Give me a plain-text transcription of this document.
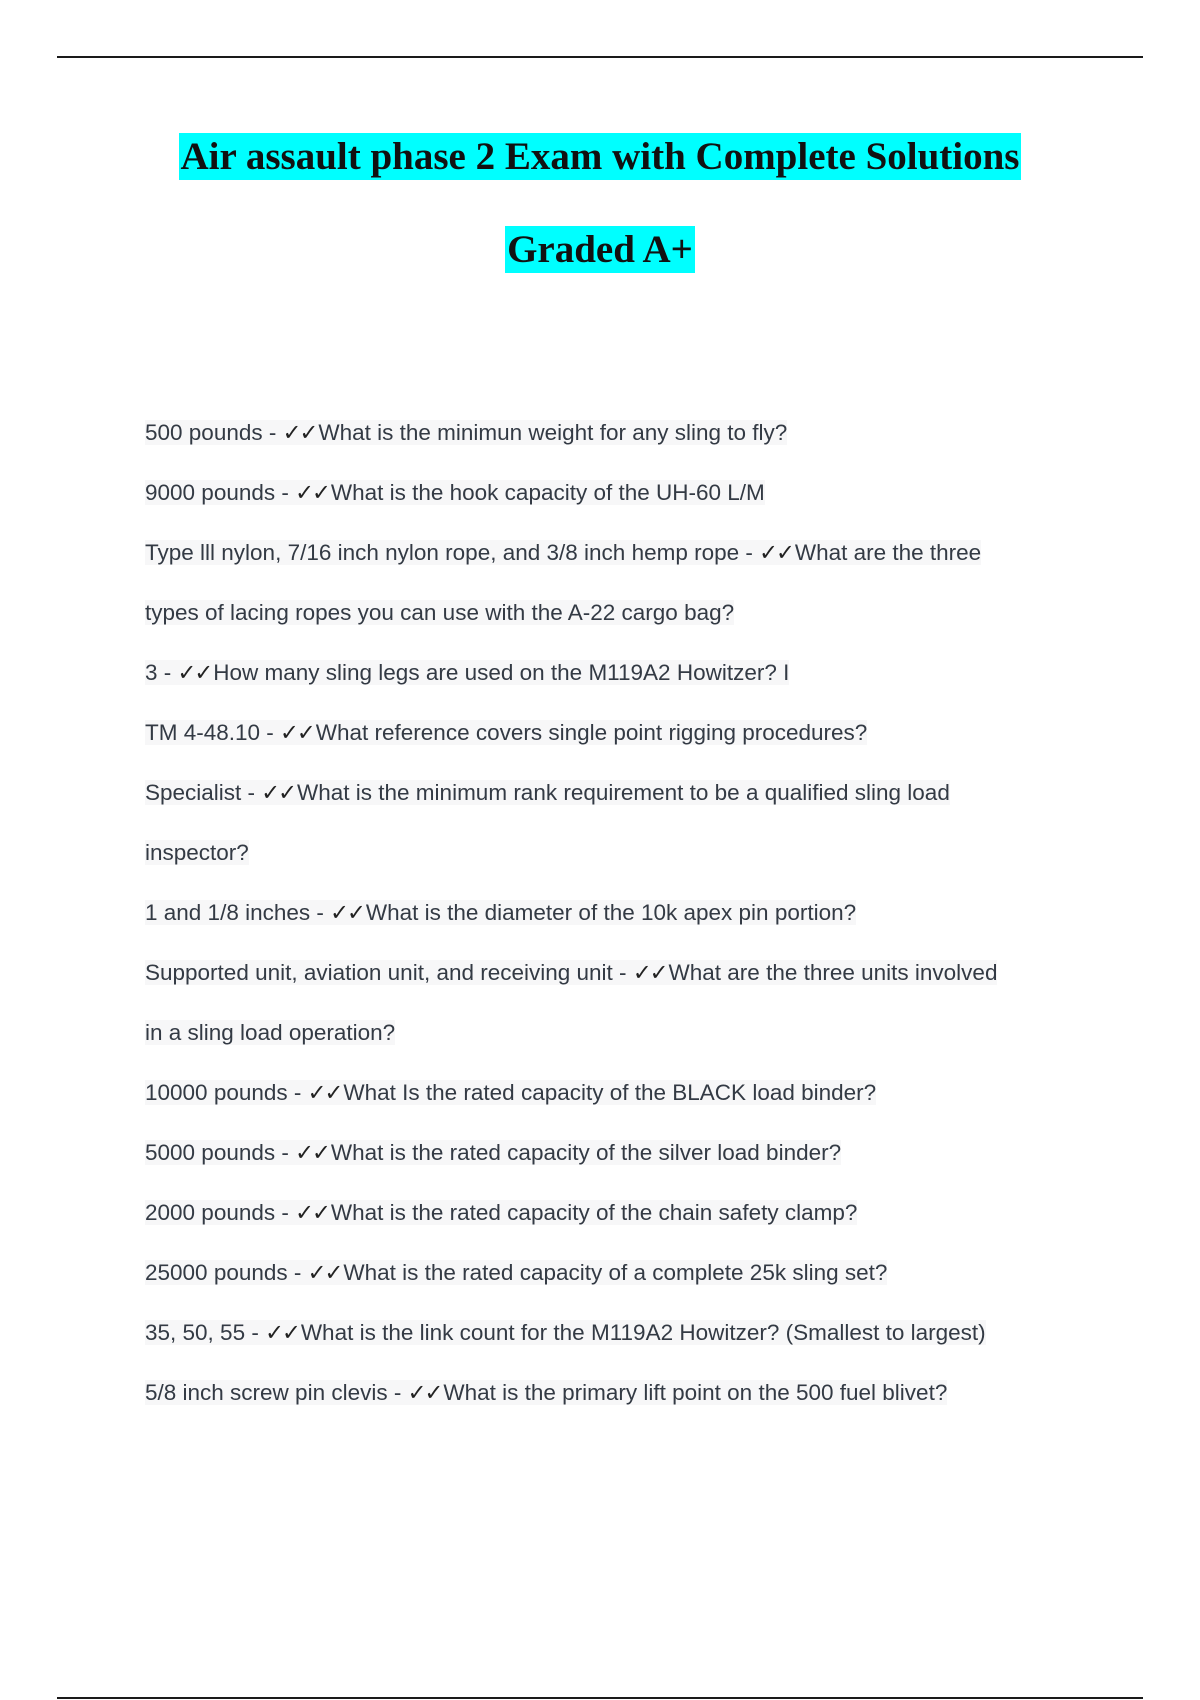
Air assault phase 2 Exam with Complete Solutions
Graded A+
500 pounds - ✓✓What is the minimun weight for any sling to fly?
9000 pounds - ✓✓What is the hook capacity of the UH-60 L/M
Type lll nylon, 7/16 inch nylon rope, and 3/8 inch hemp rope - ✓✓What are the three
types of lacing ropes you can use with the A-22 cargo bag?
3 - ✓✓How many sling legs are used on the M119A2 Howitzer? I
TM 4-48.10 - ✓✓What reference covers single point rigging procedures?
Specialist - ✓✓What is the minimum rank requirement to be a qualified sling load
inspector?
1 and 1/8 inches - ✓✓What is the diameter of the 10k apex pin portion?
Supported unit, aviation unit, and receiving unit - ✓✓What are the three units involved
in a sling load operation?
10000 pounds - ✓✓What Is the rated capacity of the BLACK load binder?
5000 pounds - ✓✓What is the rated capacity of the silver load binder?
2000 pounds - ✓✓What is the rated capacity of the chain safety clamp?
25000 pounds - ✓✓What is the rated capacity of a complete 25k sling set?
35, 50, 55 - ✓✓What is the link count for the M119A2 Howitzer? (Smallest to largest)
5/8 inch screw pin clevis - ✓✓What is the primary lift point on the 500 fuel blivet?
